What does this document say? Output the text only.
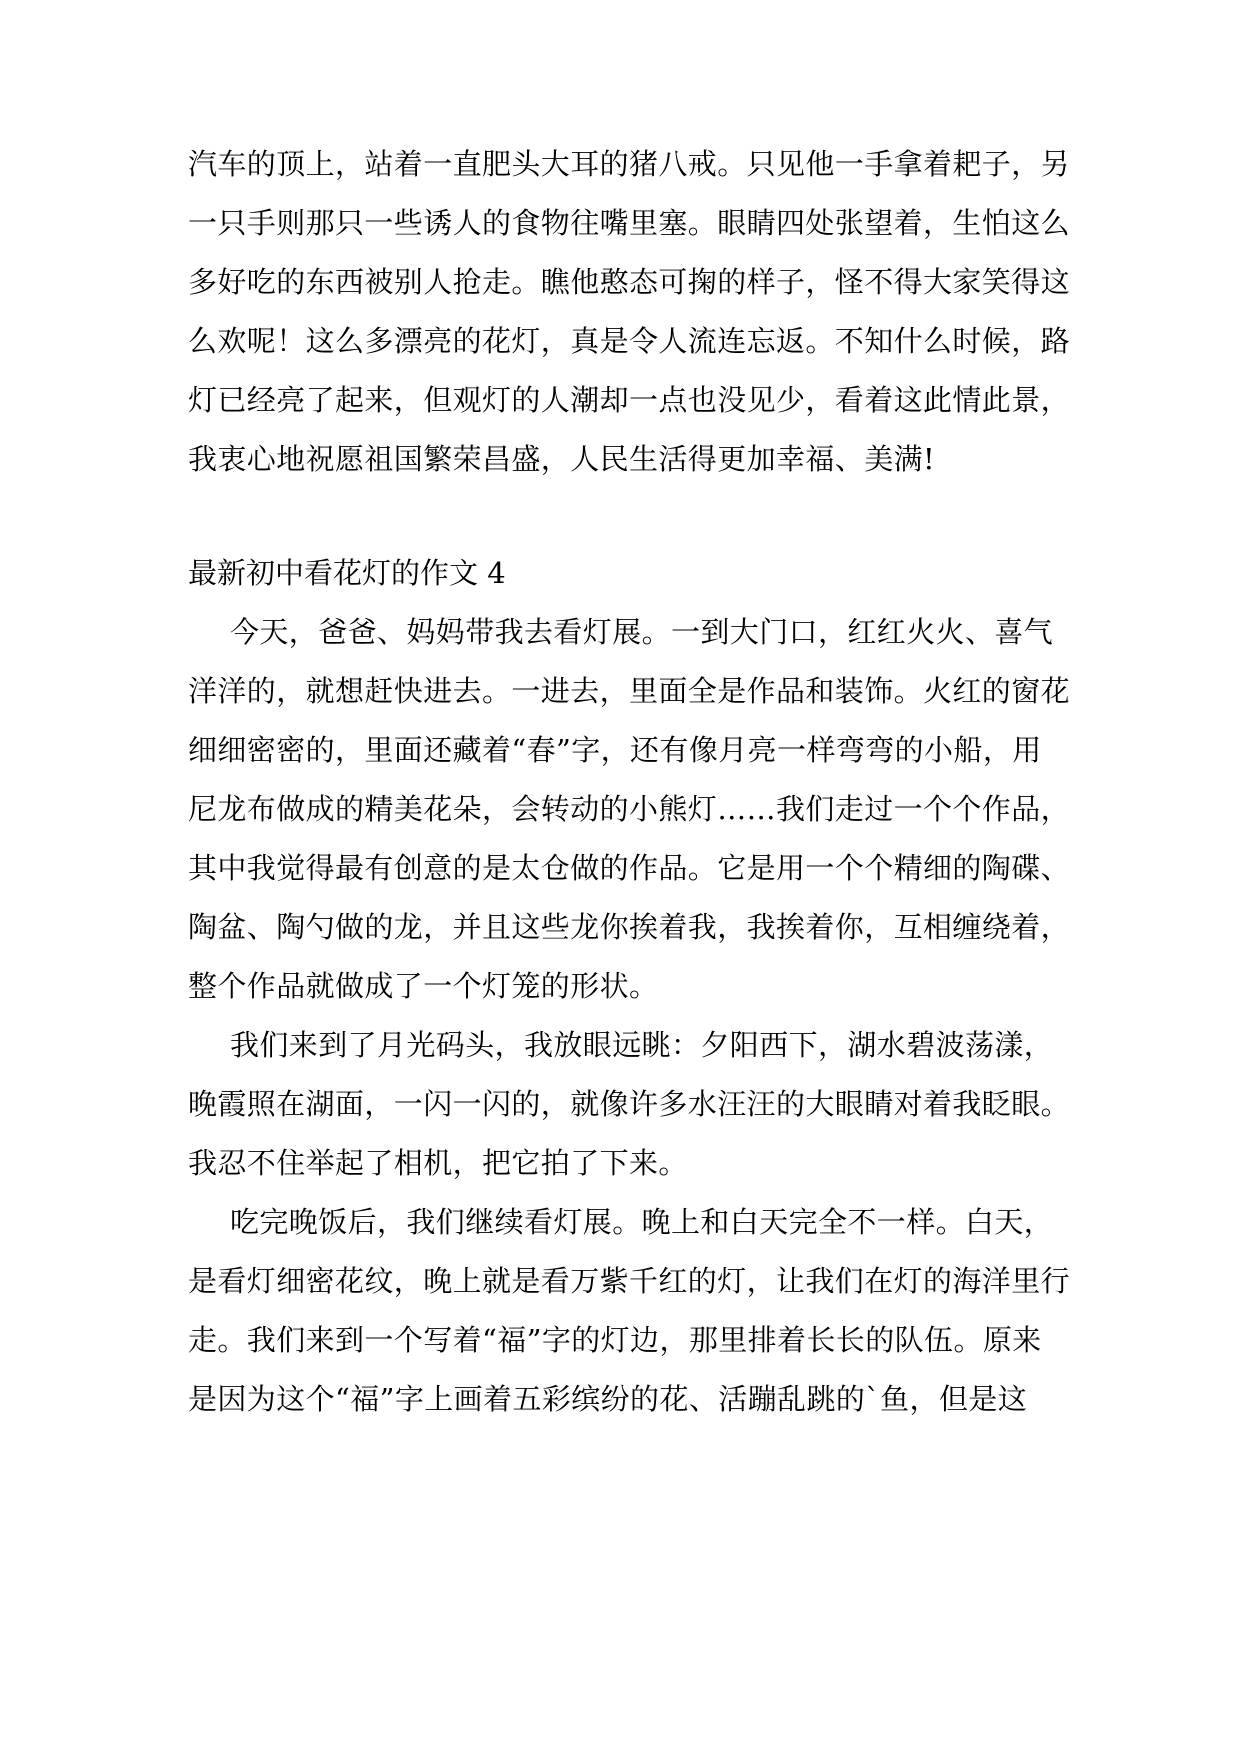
汽车的顶上，站着一直肥头大耳的猪八戒。只见他一手拿着耙子，另
一只手则那只一些诱人的食物往嘴里塞。眼睛四处张望着，生怕这么
多好吃的东西被别人抢走。瞧他憨态可掬的样子，怪不得大家笑得这
么欢呢！这么多漂亮的花灯，真是令人流连忘返。不知什么时候，路
灯已经亮了起来，但观灯的人潮却一点也没见少，看着这此情此景，
我衷心地祝愿祖国繁荣昌盛，人民生活得更加幸福、美满!
最新初中看花灯的作文 4
今天，爸爸、妈妈带我去看灯展。一到大门口，红红火火、喜气
洋洋的，就想赶快进去。一进去，里面全是作品和装饰。火红的窗花
细细密密的，里面还藏着“春”字，还有像月亮一样弯弯的小船，用
尼龙布做成的精美花朵，会转动的小熊灯……我们走过一个个作品，
其中我觉得最有创意的是太仓做的作品。它是用一个个精细的陶碟、
陶盆、陶勺做的龙，并且这些龙你挨着我，我挨着你，互相缠绕着，
整个作品就做成了一个灯笼的形状。
我们来到了月光码头，我放眼远眺：夕阳西下，湖水碧波荡漾，
晚霞照在湖面，一闪一闪的，就像许多水汪汪的大眼睛对着我眨眼。
我忍不住举起了相机，把它拍了下来。
吃完晚饭后，我们继续看灯展。晚上和白天完全不一样。白天，
是看灯细密花纹，晚上就是看万紫千红的灯，让我们在灯的海洋里行
走。我们来到一个写着“福”字的灯边，那里排着长长的队伍。原来
是因为这个“福”字上画着五彩缤纷的花、活蹦乱跳的`鱼，但是这
